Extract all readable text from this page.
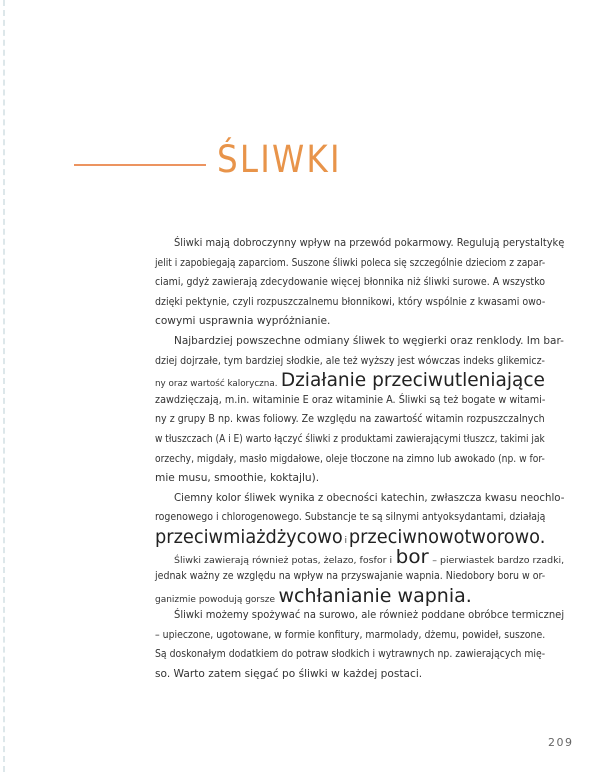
ŚLIWKI
Śliwki mają dobroczynny wpływ na przewód pokarmowy. Regulują perystaltykę
jelit i zapobiegają zaparciom. Suszone śliwki poleca się szczególnie dzieciom z zapar-
ciami, gdyż zawierają zdecydowanie więcej błonnika niż śliwki surowe. A wszystko
dzięki pektynie, czyli rozpuszczalnemu błonnikowi, który wspólnie z kwasami owo-
cowymi usprawnia wypróżnianie.
Najbardziej powszechne odmiany śliwek to węgierki oraz renklody. Im bar-
dziej dojrzałe, tym bardziej słodkie, ale też wyższy jest wówczas indeks glikemicz-
ny oraz wartość kaloryczna. Działanie przeciwutleniające
zawdzięczają, m.in. witaminie E oraz witaminie A. Śliwki są też bogate w witami-
ny z grupy B np. kwas foliowy. Ze względu na zawartość witamin rozpuszczalnych
w tłuszczach (A i E) warto łączyć śliwki z produktami zawierającymi tłuszcz, takimi jak
orzechy, migdały, masło migdałowe, oleje tłoczone na zimno lub awokado (np. w for-
mie musu, smoothie, koktajlu).
Ciemny kolor śliwek wynika z obecności katechin, zwłaszcza kwasu neochlo-
rogenowego i chlorogenowego. Substancje te są silnymi antyoksydantami, działają
przeciwmiażdżycowo iprzeciwnowotworowo.
Śliwki zawierają również potas, żelazo, fosfor i bor – pierwiastek bardzo rzadki,
jednak ważny ze względu na wpływ na przyswajanie wapnia. Niedobory boru w or-
ganizmie powodują gorsze wchłanianie wapnia.
Śliwki możemy spożywać na surowo, ale również poddane obróbce termicznej
– upieczone, ugotowane, w formie konfitury, marmolady, dżemu, powideł, suszone.
Są doskonałym dodatkiem do potraw słodkich i wytrawnych np. zawierających mię-
so. Warto zatem sięgać po śliwki w każdej postaci.
209
